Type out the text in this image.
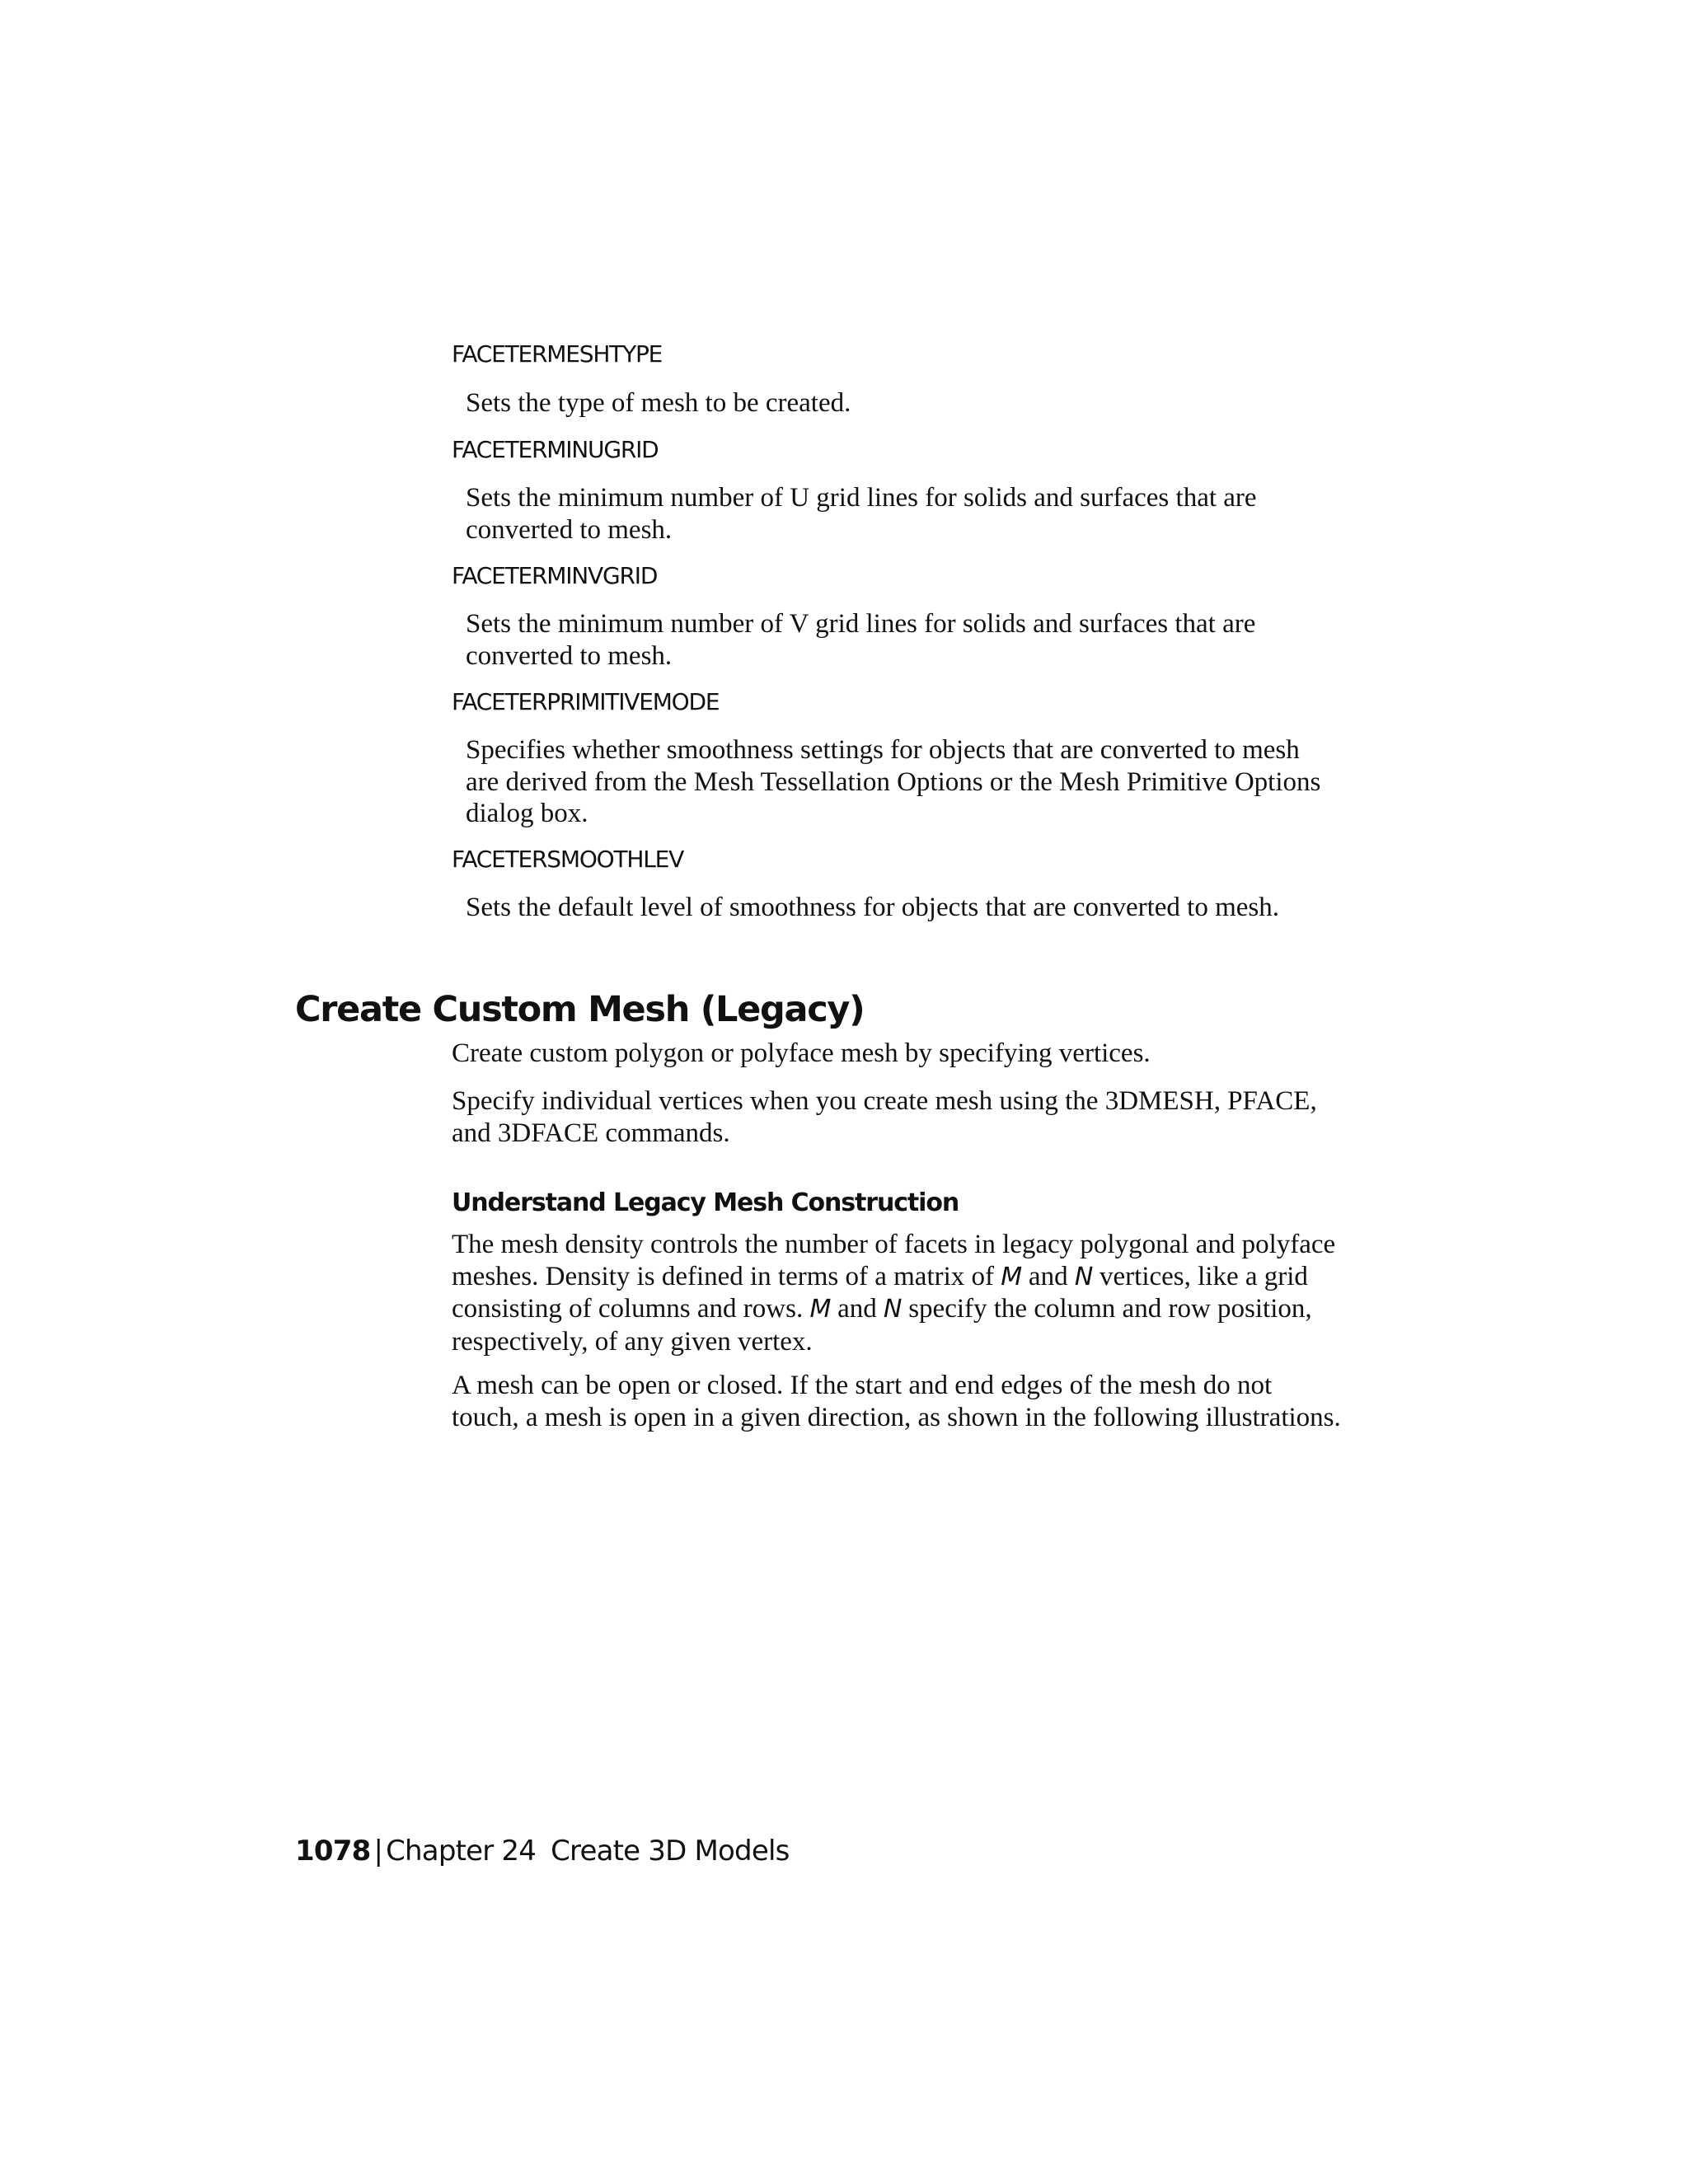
FACETERMESHTYPE

Sets the type of mesh to be created.

FACETERMINUGRID

Sets the minimum number of U grid lines for solids and surfaces that are converted to mesh.

FACETERMINVGRID

Sets the minimum number of V grid lines for solids and surfaces that are converted to mesh.

FACETERPRIMITIVEMODE

Specifies whether smoothness settings for objects that are converted to mesh are derived from the Mesh Tessellation Options or the Mesh Primitive Options dialog box.

FACETERSMOOTHLEV

Sets the default level of smoothness for objects that are converted to mesh.

Create Custom Mesh (Legacy)

Create custom polygon or polyface mesh by specifying vertices.

Specify individual vertices when you create mesh using the 3DMESH, PFACE, and 3DFACE commands.

Understand Legacy Mesh Construction

The mesh density controls the number of facets in legacy polygonal and polyface meshes. Density is defined in terms of a matrix of M and N vertices, like a grid consisting of columns and rows. M and N specify the column and row position, respectively, of any given vertex.

A mesh can be open or closed. If the start and end edges of the mesh do not touch, a mesh is open in a given direction, as shown in the following illustrations.

1078 | Chapter 24 Create 3D Models
